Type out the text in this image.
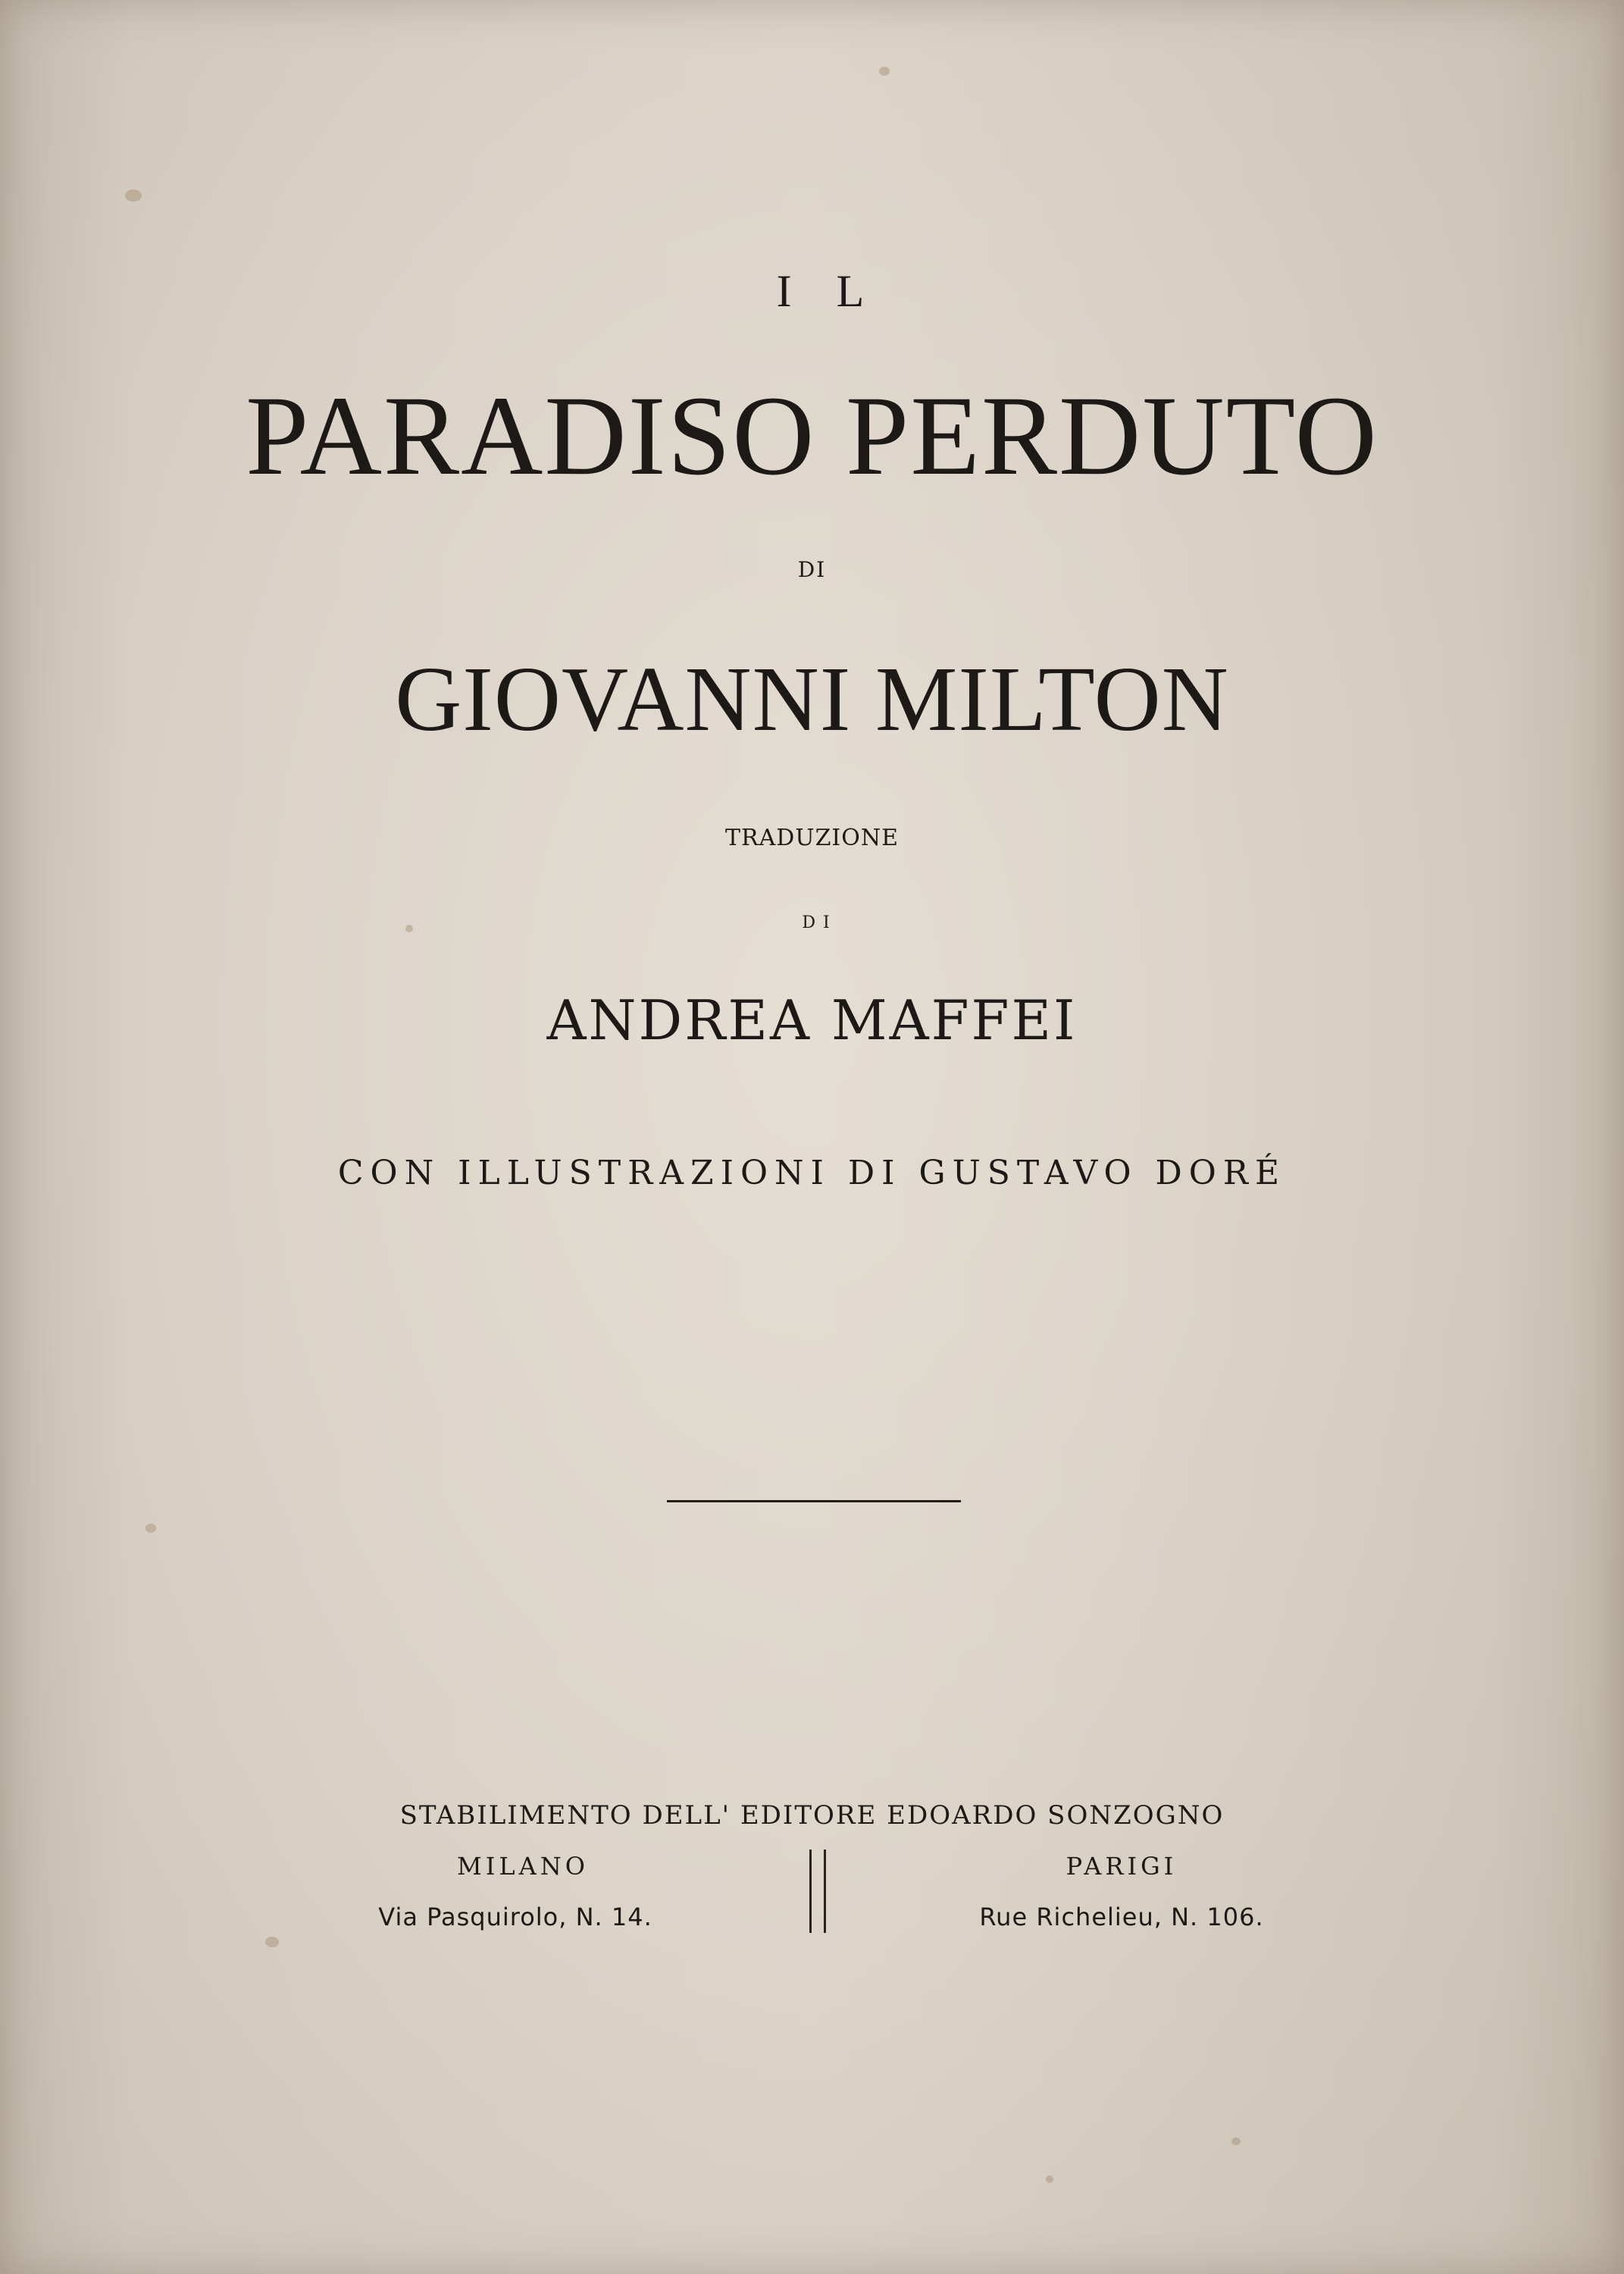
I L
PARADISO PERDUTO
DI
GIOVANNI MILTON
TRADUZIONE
DI
ANDREA MAFFEI
CON ILLUSTRAZIONI DI GUSTAVO DORÉ
STABILIMENTO DELL' EDITORE EDOARDO SONZOGNO
MILANO	PARIGI
Via Pasquirolo, N. 14.	Rue Richelieu, N. 106.
